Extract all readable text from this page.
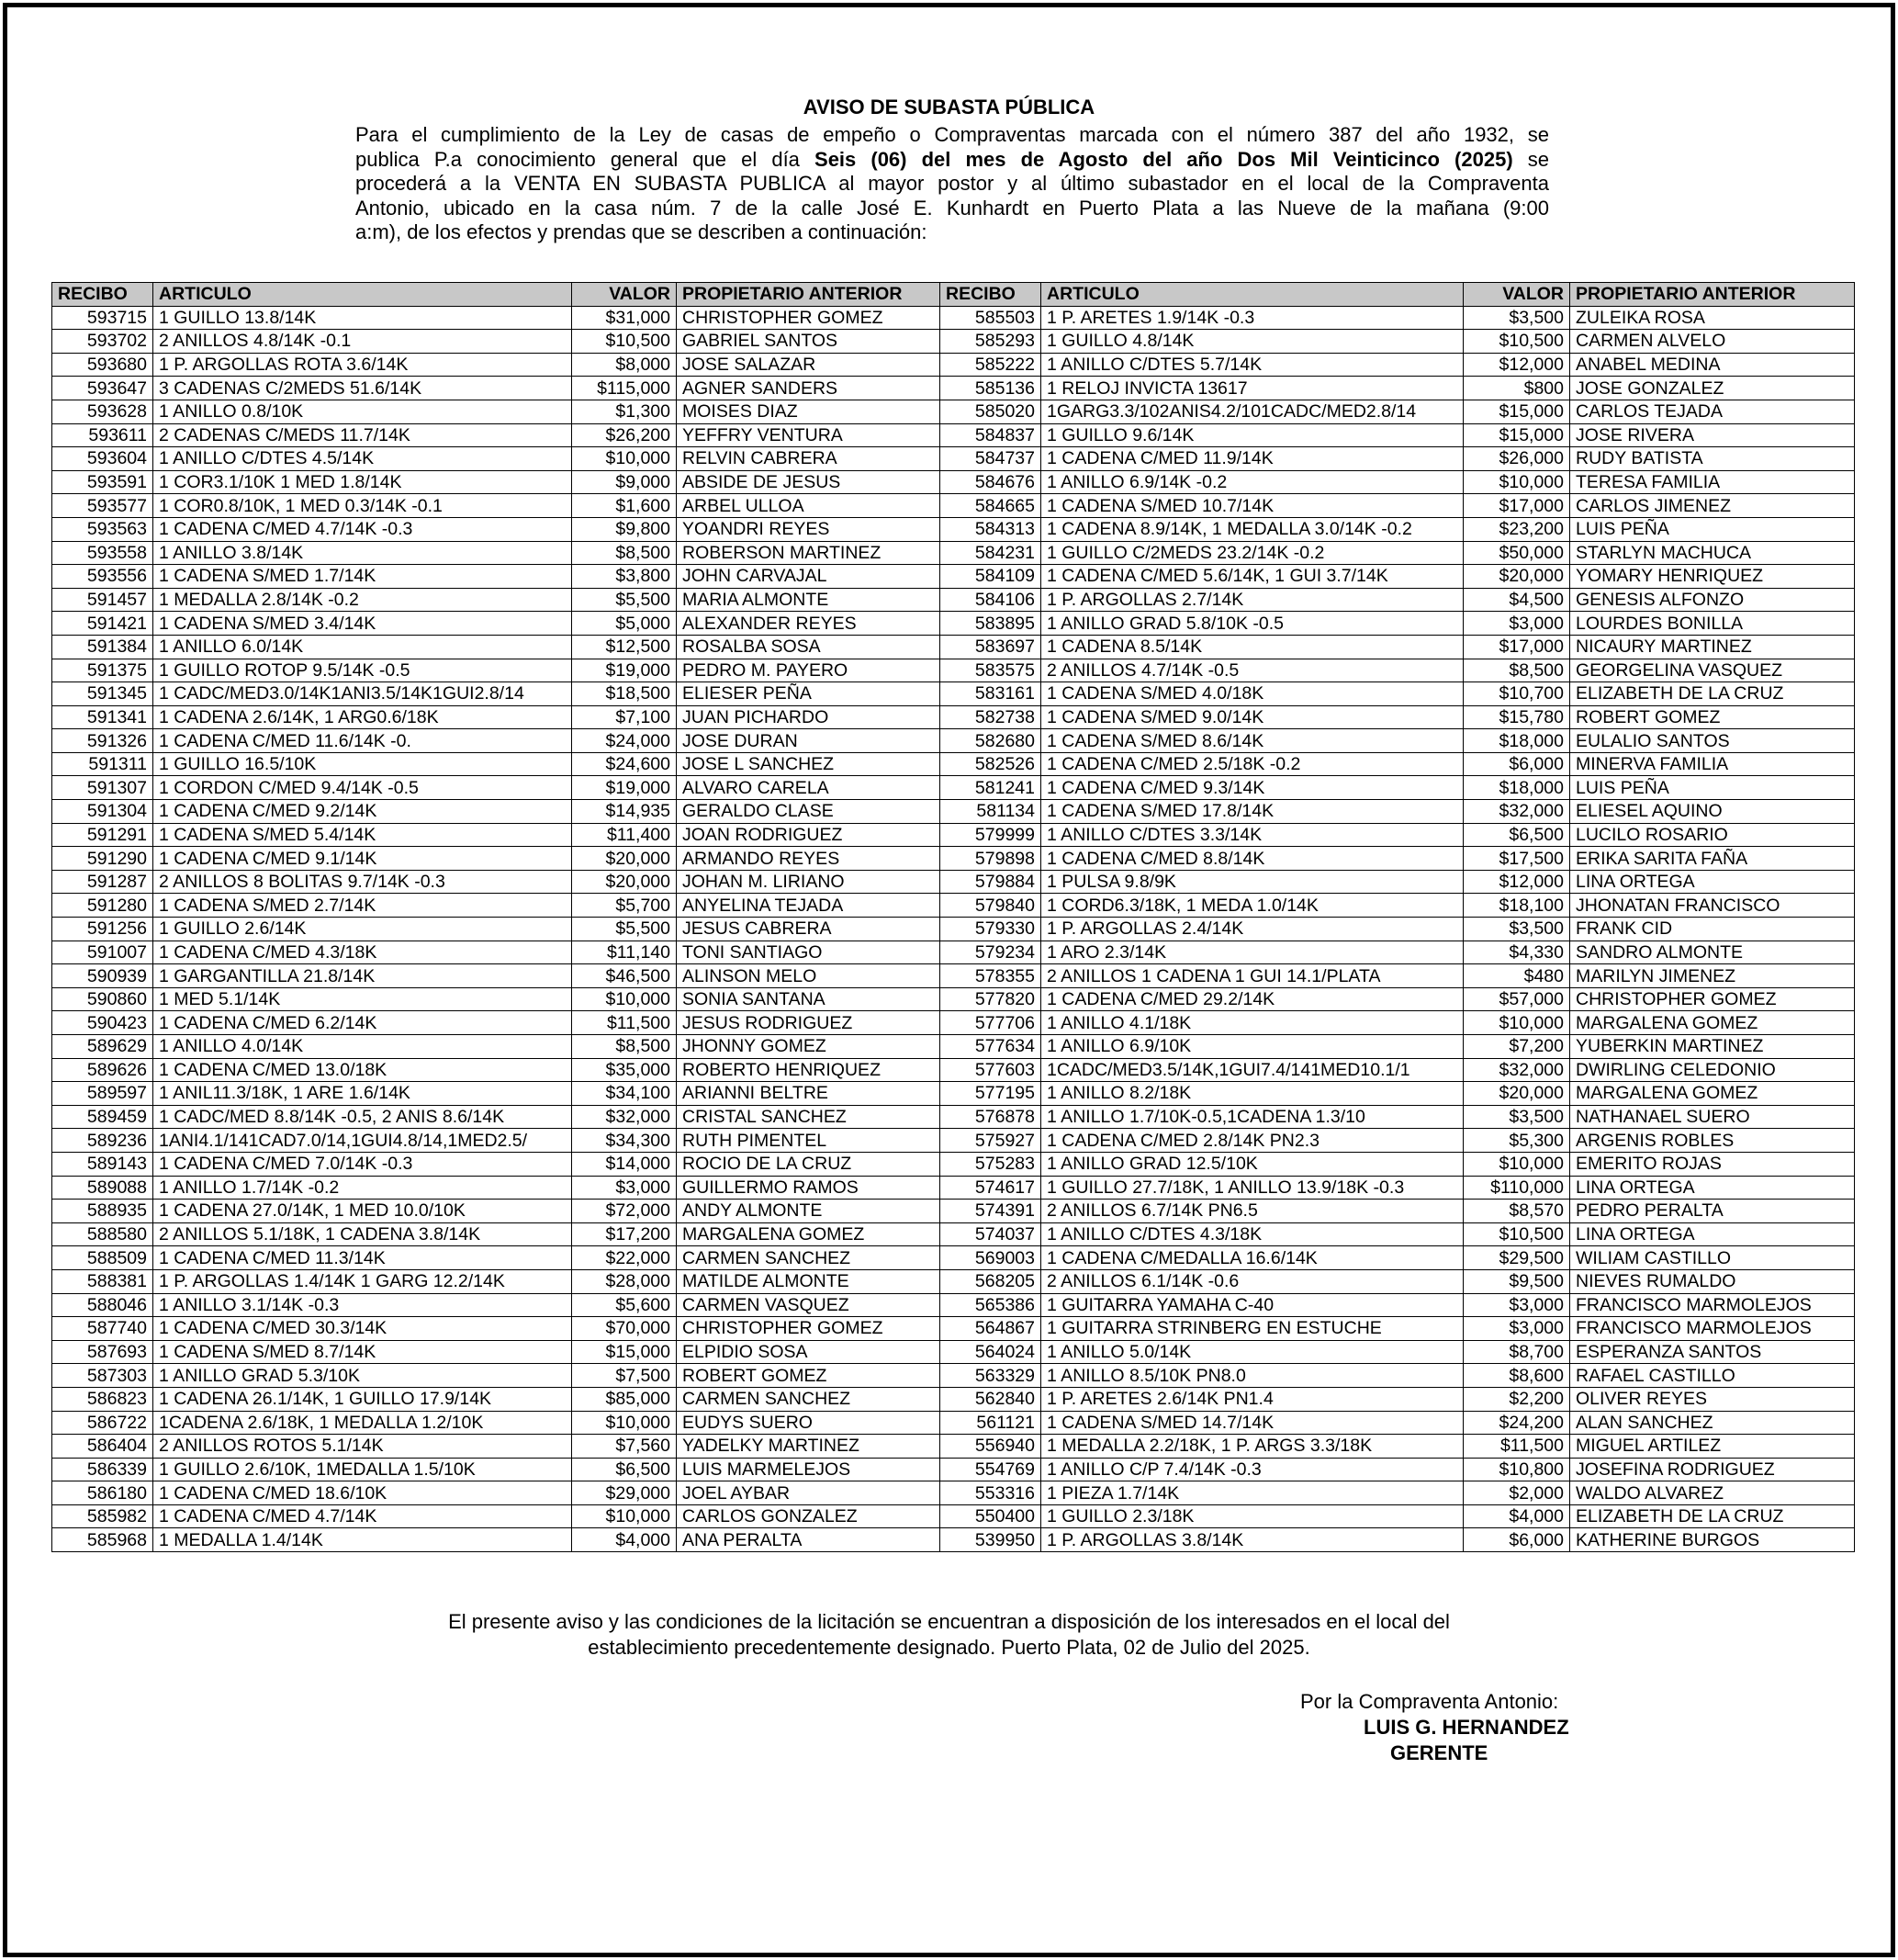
AVISO DE SUBASTA PÚBLICA
Para el cumplimiento de la Ley de casas de empeño o Compraventas marcada con el número 387 del año 1932, se
publica P.a conocimiento general que el día Seis (06) del mes de Agosto del año Dos Mil Veinticinco (2025) se
procederá a la VENTA EN SUBASTA PUBLICA al mayor postor y al último subastador en el local de la Compraventa
Antonio, ubicado en la casa núm. 7 de la calle José E. Kunhardt en Puerto Plata a las Nueve de la mañana (9:00
a:m), de los efectos y prendas que se describen a continuación:
RECIBO	ARTICULO	VALOR	PROPIETARIO ANTERIOR	RECIBO	ARTICULO	VALOR	PROPIETARIO ANTERIOR
593715	1 GUILLO 13.8/14K	$31,000	CHRISTOPHER GOMEZ	585503	1 P. ARETES 1.9/14K -0.3	$3,500	ZULEIKA ROSA
593702	2 ANILLOS 4.8/14K -0.1	$10,500	GABRIEL SANTOS	585293	1 GUILLO 4.8/14K	$10,500	CARMEN ALVELO
593680	1 P. ARGOLLAS ROTA 3.6/14K	$8,000	JOSE SALAZAR	585222	1 ANILLO C/DTES 5.7/14K	$12,000	ANABEL MEDINA
593647	3 CADENAS C/2MEDS 51.6/14K	$115,000	AGNER SANDERS	585136	1 RELOJ INVICTA 13617	$800	JOSE GONZALEZ
593628	1 ANILLO 0.8/10K	$1,300	MOISES DIAZ	585020	1GARG3.3/102ANIS4.2/101CADC/MED2.8/14	$15,000	CARLOS TEJADA
593611	2 CADENAS C/MEDS 11.7/14K	$26,200	YEFFRY VENTURA	584837	1 GUILLO 9.6/14K	$15,000	JOSE RIVERA
593604	1 ANILLO C/DTES 4.5/14K	$10,000	RELVIN CABRERA	584737	1 CADENA C/MED 11.9/14K	$26,000	RUDY BATISTA
593591	1 COR3.1/10K 1 MED 1.8/14K	$9,000	ABSIDE DE JESUS	584676	1 ANILLO 6.9/14K -0.2	$10,000	TERESA FAMILIA
593577	1 COR0.8/10K, 1 MED 0.3/14K -0.1	$1,600	ARBEL ULLOA	584665	1 CADENA S/MED 10.7/14K	$17,000	CARLOS JIMENEZ
593563	1 CADENA C/MED 4.7/14K -0.3	$9,800	YOANDRI REYES	584313	1 CADENA 8.9/14K, 1 MEDALLA 3.0/14K -0.2	$23,200	LUIS PEÑA
593558	1 ANILLO 3.8/14K	$8,500	ROBERSON MARTINEZ	584231	1 GUILLO C/2MEDS 23.2/14K -0.2	$50,000	STARLYN MACHUCA
593556	1 CADENA S/MED 1.7/14K	$3,800	JOHN CARVAJAL	584109	1 CADENA C/MED 5.6/14K, 1 GUI 3.7/14K	$20,000	YOMARY HENRIQUEZ
591457	1 MEDALLA 2.8/14K -0.2	$5,500	MARIA ALMONTE	584106	1 P. ARGOLLAS 2.7/14K	$4,500	GENESIS ALFONZO
591421	1 CADENA S/MED 3.4/14K	$5,000	ALEXANDER REYES	583895	1 ANILLO GRAD 5.8/10K -0.5	$3,000	LOURDES BONILLA
591384	1 ANILLO 6.0/14K	$12,500	ROSALBA SOSA	583697	1 CADENA 8.5/14K	$17,000	NICAURY MARTINEZ
591375	1 GUILLO ROTOP 9.5/14K -0.5	$19,000	PEDRO M. PAYERO	583575	2 ANILLOS 4.7/14K -0.5	$8,500	GEORGELINA VASQUEZ
591345	1 CADC/MED3.0/14K1ANI3.5/14K1GUI2.8/14	$18,500	ELIESER PEÑA	583161	1 CADENA S/MED 4.0/18K	$10,700	ELIZABETH DE LA CRUZ
591341	1 CADENA 2.6/14K, 1 ARG0.6/18K	$7,100	JUAN PICHARDO	582738	1 CADENA S/MED 9.0/14K	$15,780	ROBERT GOMEZ
591326	1 CADENA C/MED 11.6/14K -0.	$24,000	JOSE DURAN	582680	1 CADENA S/MED 8.6/14K	$18,000	EULALIO SANTOS
591311	1 GUILLO 16.5/10K	$24,600	JOSE L SANCHEZ	582526	1 CADENA C/MED 2.5/18K -0.2	$6,000	MINERVA FAMILIA
591307	1 CORDON C/MED 9.4/14K -0.5	$19,000	ALVARO CARELA	581241	1 CADENA C/MED 9.3/14K	$18,000	LUIS PEÑA
591304	1 CADENA C/MED 9.2/14K	$14,935	GERALDO CLASE	581134	1 CADENA S/MED 17.8/14K	$32,000	ELIESEL AQUINO
591291	1 CADENA S/MED 5.4/14K	$11,400	JOAN RODRIGUEZ	579999	1 ANILLO C/DTES 3.3/14K	$6,500	LUCILO ROSARIO
591290	1 CADENA C/MED 9.1/14K	$20,000	ARMANDO REYES	579898	1 CADENA C/MED 8.8/14K	$17,500	ERIKA SARITA FAÑA
591287	2 ANILLOS 8 BOLITAS 9.7/14K -0.3	$20,000	JOHAN M. LIRIANO	579884	1 PULSA 9.8/9K	$12,000	LINA ORTEGA
591280	1 CADENA S/MED 2.7/14K	$5,700	ANYELINA TEJADA	579840	1 CORD6.3/18K, 1 MEDA 1.0/14K	$18,100	JHONATAN FRANCISCO
591256	1 GUILLO 2.6/14K	$5,500	JESUS CABRERA	579330	1 P. ARGOLLAS 2.4/14K	$3,500	FRANK CID
591007	1 CADENA C/MED 4.3/18K	$11,140	TONI SANTIAGO	579234	1 ARO 2.3/14K	$4,330	SANDRO ALMONTE
590939	1 GARGANTILLA 21.8/14K	$46,500	ALINSON MELO	578355	2 ANILLOS 1 CADENA 1 GUI 14.1/PLATA	$480	MARILYN JIMENEZ
590860	1 MED 5.1/14K	$10,000	SONIA SANTANA	577820	1 CADENA C/MED 29.2/14K	$57,000	CHRISTOPHER GOMEZ
590423	1 CADENA C/MED 6.2/14K	$11,500	JESUS RODRIGUEZ	577706	1 ANILLO 4.1/18K	$10,000	MARGALENA GOMEZ
589629	1 ANILLO 4.0/14K	$8,500	JHONNY GOMEZ	577634	1 ANILLO 6.9/10K	$7,200	YUBERKIN MARTINEZ
589626	1 CADENA C/MED 13.0/18K	$35,000	ROBERTO HENRIQUEZ	577603	1CADC/MED3.5/14K,1GUI7.4/141MED10.1/1	$32,000	DWIRLING CELEDONIO
589597	1 ANIL11.3/18K, 1 ARE 1.6/14K	$34,100	ARIANNI BELTRE	577195	1 ANILLO 8.2/18K	$20,000	MARGALENA GOMEZ
589459	1 CADC/MED 8.8/14K -0.5, 2 ANIS 8.6/14K	$32,000	CRISTAL SANCHEZ	576878	1 ANILLO 1.7/10K-0.5,1CADENA 1.3/10	$3,500	NATHANAEL SUERO
589236	1ANI4.1/141CAD7.0/14,1GUI4.8/14,1MED2.5/	$34,300	RUTH PIMENTEL	575927	1 CADENA C/MED 2.8/14K PN2.3	$5,300	ARGENIS ROBLES
589143	1 CADENA C/MED 7.0/14K -0.3	$14,000	ROCIO DE LA CRUZ	575283	1 ANILLO GRAD 12.5/10K	$10,000	EMERITO ROJAS
589088	1 ANILLO 1.7/14K -0.2	$3,000	GUILLERMO RAMOS	574617	1 GUILLO 27.7/18K, 1 ANILLO 13.9/18K -0.3	$110,000	LINA ORTEGA
588935	1 CADENA 27.0/14K, 1 MED 10.0/10K	$72,000	ANDY ALMONTE	574391	2 ANILLOS 6.7/14K PN6.5	$8,570	PEDRO PERALTA
588580	2 ANILLOS 5.1/18K, 1 CADENA 3.8/14K	$17,200	MARGALENA GOMEZ	574037	1 ANILLO C/DTES 4.3/18K	$10,500	LINA ORTEGA
588509	1 CADENA C/MED 11.3/14K	$22,000	CARMEN SANCHEZ	569003	1 CADENA C/MEDALLA 16.6/14K	$29,500	WILIAM CASTILLO
588381	1 P. ARGOLLAS 1.4/14K 1 GARG 12.2/14K	$28,000	MATILDE ALMONTE	568205	2 ANILLOS 6.1/14K -0.6	$9,500	NIEVES RUMALDO
588046	1 ANILLO 3.1/14K -0.3	$5,600	CARMEN VASQUEZ	565386	1 GUITARRA YAMAHA C-40	$3,000	FRANCISCO MARMOLEJOS
587740	1 CADENA C/MED 30.3/14K	$70,000	CHRISTOPHER GOMEZ	564867	1 GUITARRA STRINBERG EN ESTUCHE	$3,000	FRANCISCO MARMOLEJOS
587693	1 CADENA S/MED 8.7/14K	$15,000	ELPIDIO SOSA	564024	1 ANILLO 5.0/14K	$8,700	ESPERANZA SANTOS
587303	1 ANILLO GRAD 5.3/10K	$7,500	ROBERT GOMEZ	563329	1 ANILLO 8.5/10K PN8.0	$8,600	RAFAEL CASTILLO
586823	1 CADENA 26.1/14K, 1 GUILLO 17.9/14K	$85,000	CARMEN SANCHEZ	562840	1 P. ARETES 2.6/14K PN1.4	$2,200	OLIVER REYES
586722	1CADENA 2.6/18K, 1 MEDALLA 1.2/10K	$10,000	EUDYS SUERO	561121	1 CADENA S/MED 14.7/14K	$24,200	ALAN SANCHEZ
586404	2 ANILLOS ROTOS 5.1/14K	$7,560	YADELKY MARTINEZ	556940	1 MEDALLA 2.2/18K, 1 P. ARGS 3.3/18K	$11,500	MIGUEL ARTILEZ
586339	1 GUILLO 2.6/10K, 1MEDALLA 1.5/10K	$6,500	LUIS MARMELEJOS	554769	1 ANILLO C/P 7.4/14K -0.3	$10,800	JOSEFINA RODRIGUEZ
586180	1 CADENA C/MED 18.6/10K	$29,000	JOEL AYBAR	553316	1 PIEZA 1.7/14K	$2,000	WALDO ALVAREZ
585982	1 CADENA C/MED 4.7/14K	$10,000	CARLOS GONZALEZ	550400	1 GUILLO 2.3/18K	$4,000	ELIZABETH DE LA CRUZ
585968	1 MEDALLA 1.4/14K	$4,000	ANA PERALTA	539950	1 P. ARGOLLAS 3.8/14K	$6,000	KATHERINE BURGOS
El presente aviso y las condiciones de la licitación se encuentran a disposición de los interesados en el local del
establecimiento precedentemente designado. Puerto Plata, 02 de Julio del 2025.
Por la Compraventa Antonio:
LUIS G. HERNANDEZ
GERENTE
